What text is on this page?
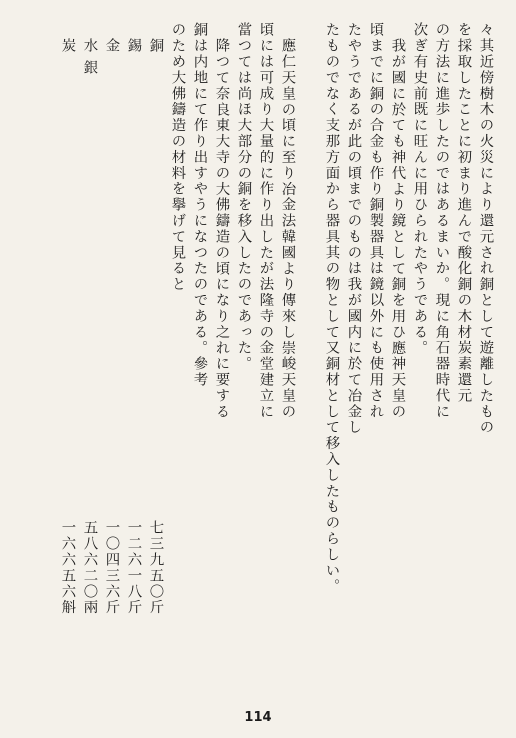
々其近傍樹木の火災により還元され銅として遊離したもの
を採取したことに初まり進んで酸化銅の木材炭素還元
の方法に進歩したのではあるまいか。現に角石器時代に
次ぎ有史前既に旺んに用ひられたやうである。
我が國に於ても神代より鏡として銅を用ひ應神天皇の
頃までに銅の合金も作り銅製器具は鏡以外にも使用され
たやうであるが此の頃までのものは我が國内に於て冶金し
たものでなく支那方面から器具其の物として又銅材として移入したものらしい。
應仁天皇の頃に至り冶金法韓國より傳來し崇峻天皇の
頃には可成り大量的に作り出したが法隆寺の金堂建立に
當つては尚ほ大部分の銅を移入したのであった。
降つて奈良東大寺の大佛鑄造の頃になり之れに要する
銅は内地にて作り出すやうになつたのである。參考
のため大佛鑄造の材料を擧げて見ると
銅
七三九五〇斤
錫
一二六一八斤
金
一〇四三六斤
水 銀
五八六二〇兩
炭
一六六五六斛
114
